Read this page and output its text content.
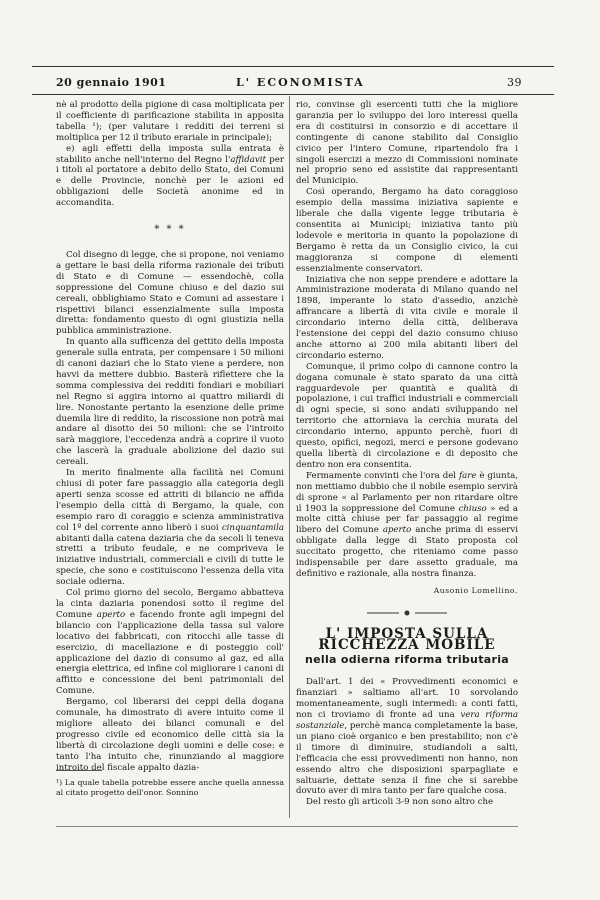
20 gennaio 1901	L' ECONOMISTA	39

nè al prodotto della pigione di casa moltiplicata per il coefficiente di parificazione stabilita in apposita tabella ¹); (per valutare i redditi dei terreni si moltiplica per 12 il tributo erariale in principale);

e) agli effetti della imposta sulla entrata è stabilito anche nell'interno del Regno l'affidavit per i titoli al portatore a debito dello Stato, dei Comuni e delle Provincie, nonchè per le azioni ed obbligazioni delle Società anonime ed in accomandita.

* * *

Col disegno di legge, che si propone, noi veniamo a gettare le basi della riforma razionale dei tributi di Stato e di Comune — essendochè, colla soppressione del Comune chiuso e del dazio sui cereali, obblighiamo Stato e Comuni ad assestare i rispettivi bilanci essenzialmente sulla imposta diretta: fondamento questo di ogni giustizia nella pubblica amministrazione.

In quanto alla sufficenza del gettito della imposta generale sulla entrata, per compensare i 50 milioni di canoni daziari che lo Stato viene a perdere, non havvi da mettere dubbio. Basterà riflettere che la somma complessiva dei redditi fondiari e mobiliari nel Regno si aggira intorno ai quattro miliardi di lire. Nonostante pertanto la esenzione delle prime duemila lire di reddito, la riscossione non potrà mai andare al disotto dei 50 milioni: che se l'introito sarà maggiore, l'eccedenza andrà a coprire il vuoto che lascerà la graduale abolizione del dazio sui cereali.

In merito finalmente alla facilità nei Comuni chiusi di poter fare passaggio alla categoria degli aperti senza scosse ed attriti di bilancio ne affida l'esempio della città di Bergamo, la quale, con esempio raro di coraggio e scienza amministrativa col 1º del corrente anno liberò i suoi cinquantamila abitanti dalla catena daziaria che da secoli li teneva stretti a tributo feudale, e ne compriveva le iniziative industriali, commerciali e civili di tutte le specie, che sono e costituiscono l'essenza della vita sociale odierna.

Col primo giorno del secolo, Bergamo abbatteva la cinta daziaria ponendosi sotto il regime del Comune aperto e facendo fronte agli impegni del bilancio con l'applicazione della tassa sul valore locativo dei fabbricati, con ritocchi alle tasse di esercizio, di macellazione e di posteggio coll' applicazione del dazio di consumo al gaz, ed alla energia elettrica, ed infine col migliorare i canoni di affitto e concessione dei beni patrimoniali del Comune.

Bergamo, col liberarsi dei ceppi della dogana comunale, ha dimostrato di avere intuito come il migliore alleato dei bilanci comunali e del progresso civile ed economico delle città sia la libertà di circolazione degli uomini e delle cose: e tanto l'ha intuito che, rinunziando al maggiore introito del fiscale appalto dazia-

¹) La quale tabella potrebbe essere anche quella annessa al citato progetto dell'onor. Sonnino

rio, convinse gli esercenti tutti che la migliore garanzia per lo sviluppo dei loro interessi quella era di costituirsi in consorzio e di accettare il contingente di canone stabilito dal Consiglio civico per l'intero Comune, ripartendolo fra i singoli esercizi a mezzo di Commissioni nominate nel proprio seno ed assistite dai rappresentanti del Municipio.

Così operando, Bergamo ha dato coraggioso esempio della massima iniziativa sapiente e liberale che dalla vigente legge tributaria è consentita ai Municipi; iniziativa tanto più lodevole e meritoria in quanto la popolazione di Bergamo è retta da un Consiglio civico, la cui maggioranza si compone di elementi essenzialmente conservatori.

Iniziativa che non seppe prendere e adottare la Amministrazione moderata di Milano quando nel 1898, imperante lo stato d'assedio, anzichè affrancare a libertà di vita civile e morale il circondario interno della città, deliberava l'estensione dei ceppi del dazio consumo chiuso anche attorno ai 200 mila abitanti liberi del circondario esterno.

Comunque, il primo colpo di cannone contro la dogana comunale è stato sparato da una città ragguardevole per quantità e qualità di popolazione, i cui traffici industriali e commerciali di ogni specie, si sono andati sviluppando nel territorio che attorniava la cerchia murata del circondario interno, appunto perchè, fuori di questo, opifici, negozi, merci e persone godevano quella libertà di circolazione e di deposito che dentro non era consentita.

Fermamente convinti che l'ora del fare è giunta, non mettiamo dubbio che il nobile esempio servirà di sprone « al Parlamento per non ritardare oltre il 1903 la soppressione del Comune chiuso » ed a molte città chiuse per far passaggio al regime libero del Comune aperto anche prima di esservi obbligate dalla legge di Stato proposta col succitato progetto, che riteniamo come passo indispensabile per dare assetto graduale, ma definitivo e razionale, alla nostra finanza.

Ausonio Lomellino.
L' IMPOSTA SULLA RICCHEZZA MOBILE
nella odierna riforma tributaria

Dall'art. 1 dei « Provvedimenti economici e finanziari » saltiamo all'art. 10 sorvolando momentaneamente, sugli intermedi: a conti fatti, non ci troviamo di fronte ad una vera riforma sostanziale, perchè manca completamente la base, un piano cioè organico e ben prestabilito; non c'è il timore di diminuire, studiandoli a salti, l'efficacia che essi provvedimenti non hanno, non essendo altro che disposizioni sparpagliate e saltuarie, dettate senza il fine che si sarebbe dovuto aver di mira tanto per fare qualche cosa.

Del resto gli articoli 3-9 non sono altro che
